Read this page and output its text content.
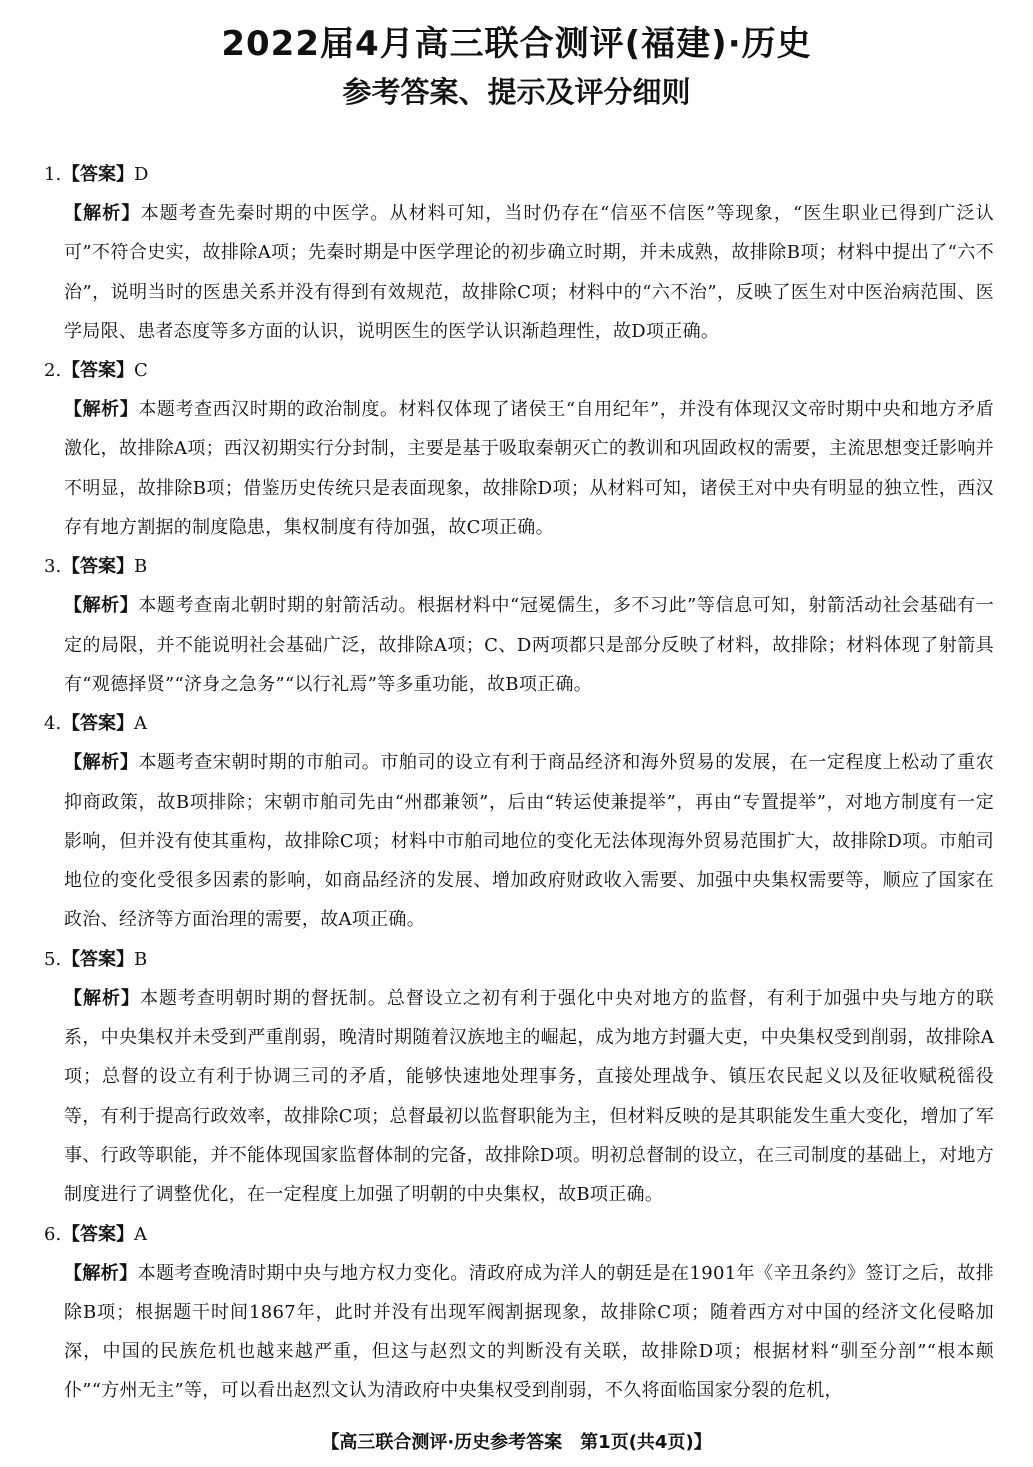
2022届4月高三联合测评(福建)·历史
参考答案、提示及评分细则
1.【答案】D
【解析】本题考查先秦时期的中医学。从材料可知，当时仍存在“信巫不信医”等现象，“医生职业已得到广泛认可”不符合史实，故排除A项；先秦时期是中医学理论的初步确立时期，并未成熟，故排除B项；材料中提出了“六不治”，说明当时的医患关系并没有得到有效规范，故排除C项；材料中的“六不治”，反映了医生对中医治病范围、医学局限、患者态度等多方面的认识，说明医生的医学认识渐趋理性，故D项正确。
2.【答案】C
【解析】本题考查西汉时期的政治制度。材料仅体现了诸侯王“自用纪年”，并没有体现汉文帝时期中央和地方矛盾激化，故排除A项；西汉初期实行分封制，主要是基于吸取秦朝灭亡的教训和巩固政权的需要，主流思想变迁影响并不明显，故排除B项；借鉴历史传统只是表面现象，故排除D项；从材料可知，诸侯王对中央有明显的独立性，西汉存有地方割据的制度隐患，集权制度有待加强，故C项正确。
3.【答案】B
【解析】本题考查南北朝时期的射箭活动。根据材料中“冠冕儒生，多不习此”等信息可知，射箭活动社会基础有一定的局限，并不能说明社会基础广泛，故排除A项；C、D两项都只是部分反映了材料，故排除；材料体现了射箭具有“观德择贤”“济身之急务”“以行礼焉”等多重功能，故B项正确。
4.【答案】A
【解析】本题考查宋朝时期的市舶司。市舶司的设立有利于商品经济和海外贸易的发展，在一定程度上松动了重农抑商政策，故B项排除；宋朝市舶司先由“州郡兼领”，后由“转运使兼提举”，再由“专置提举”，对地方制度有一定影响，但并没有使其重构，故排除C项；材料中市舶司地位的变化无法体现海外贸易范围扩大，故排除D项。市舶司地位的变化受很多因素的影响，如商品经济的发展、增加政府财政收入需要、加强中央集权需要等，顺应了国家在政治、经济等方面治理的需要，故A项正确。
5.【答案】B
【解析】本题考查明朝时期的督抚制。总督设立之初有利于强化中央对地方的监督，有利于加强中央与地方的联系，中央集权并未受到严重削弱，晚清时期随着汉族地主的崛起，成为地方封疆大吏，中央集权受到削弱，故排除A项；总督的设立有利于协调三司的矛盾，能够快速地处理事务，直接处理战争、镇压农民起义以及征收赋税徭役等，有利于提高行政效率，故排除C项；总督最初以监督职能为主，但材料反映的是其职能发生重大变化，增加了军事、行政等职能，并不能体现国家监督体制的完备，故排除D项。明初总督制的设立，在三司制度的基础上，对地方制度进行了调整优化，在一定程度上加强了明朝的中央集权，故B项正确。
6.【答案】A
【解析】本题考查晚清时期中央与地方权力变化。清政府成为洋人的朝廷是在1901年《辛丑条约》签订之后，故排除B项；根据题干时间1867年，此时并没有出现军阀割据现象，故排除C项；随着西方对中国的经济文化侵略加深，中国的民族危机也越来越严重，但这与赵烈文的判断没有关联，故排除D项；根据材料“驯至分剖”“根本颠仆”“方州无主”等，可以看出赵烈文认为清政府中央集权受到削弱，不久将面临国家分裂的危机，
【高三联合测评·历史参考答案　第1页(共4页)】
